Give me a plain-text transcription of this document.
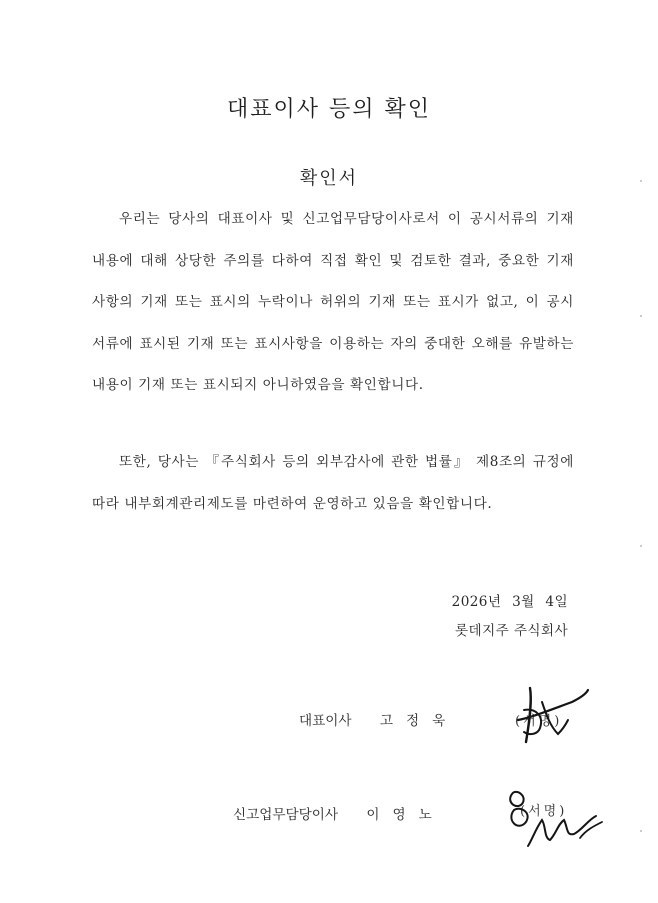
대표이사 등의 확인
확인서
우리는 당사의 대표이사 및 신고업무담당이사로서 이 공시서류의 기재 내용에 대해 상당한 주의를 다하여 직접 확인 및 검토한 결과, 중요한 기재 사항의 기재 또는 표시의 누락이나 허위의 기재 또는 표시가 없고, 이 공시 서류에 표시된 기재 또는 표시사항을 이용하는 자의 중대한 오해를 유발하는 내용이 기재 또는 표시되지 아니하였음을 확인합니다.
또한, 당사는 『주식회사 등의 외부감사에 관한 법률』 제8조의 규정에 따라 내부회계관리제도를 마련하여 운영하고 있음을 확인합니다.
2026년 3월 4일
롯데지주 주식회사
대표이사 고정욱	(서명)
신고업무담당이사 이영노	(서명)
